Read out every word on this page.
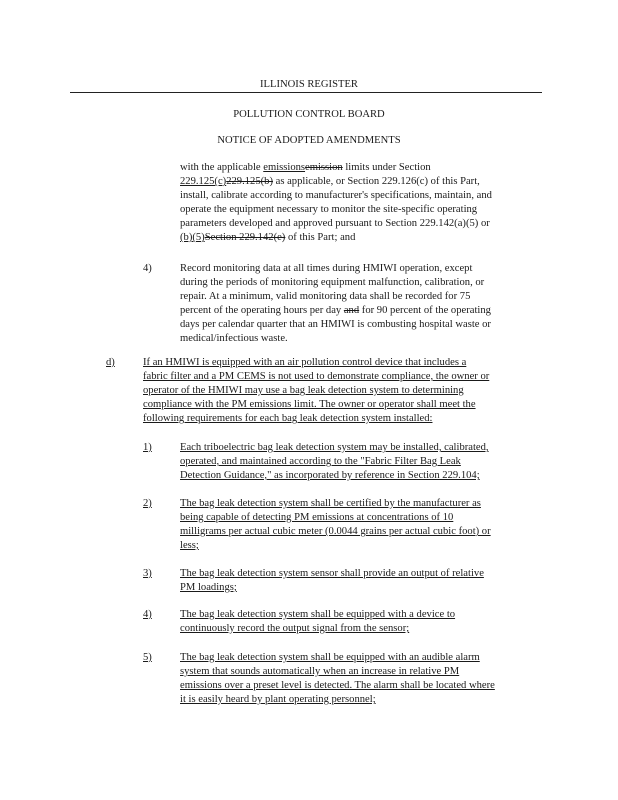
ILLINOIS REGISTER
POLLUTION CONTROL BOARD
NOTICE OF ADOPTED AMENDMENTS
with the applicable emissionsemission limits under Section
229.125(c)229.125(b) as applicable, or Section 229.126(c) of this Part,
install, calibrate according to manufacturer's specifications, maintain, and
operate the equipment necessary to monitor the site-specific operating
parameters developed and approved pursuant to Section 229.142(a)(5) or
(b)(5)Section 229.142(e) of this Part; and
4)	Record monitoring data at all times during HMIWI operation, except
during the periods of monitoring equipment malfunction, calibration, or
repair. At a minimum, valid monitoring data shall be recorded for 75
percent of the operating hours per day and for 90 percent of the operating
days per calendar quarter that an HMIWI is combusting hospital waste or
medical/infectious waste.
d)	If an HMIWI is equipped with an air pollution control device that includes a
fabric filter and a PM CEMS is not used to demonstrate compliance, the owner or
operator of the HMIWI may use a bag leak detection system to determining
compliance with the PM emissions limit. The owner or operator shall meet the
following requirements for each bag leak detection system installed:
1)	Each triboelectric bag leak detection system may be installed, calibrated,
operated, and maintained according to the "Fabric Filter Bag Leak
Detection Guidance," as incorporated by reference in Section 229.104;
2)	The bag leak detection system shall be certified by the manufacturer as
being capable of detecting PM emissions at concentrations of 10
milligrams per actual cubic meter (0.0044 grains per actual cubic foot) or
less;
3)	The bag leak detection system sensor shall provide an output of relative
PM loadings;
4)	The bag leak detection system shall be equipped with a device to
continuously record the output signal from the sensor;
5)	The bag leak detection system shall be equipped with an audible alarm
system that sounds automatically when an increase in relative PM
emissions over a preset level is detected. The alarm shall be located where
it is easily heard by plant operating personnel;
